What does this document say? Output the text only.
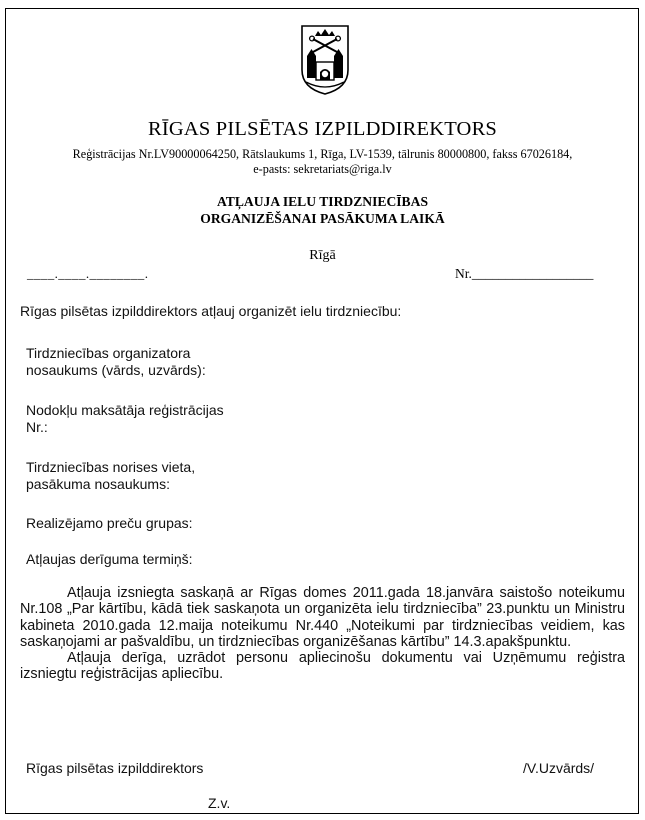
RĪGAS PILSĒTAS IZPILDDIREKTORS
Reģistrācijas Nr.LV90000064250, Rātslaukums 1, Rīga, LV-1539, tālrunis 80000800, fakss 67026184,
e-pasts: sekretariats@riga.lv
ATĻAUJA IELU TIRDZNIECĪBAS
ORGANIZĒŠANAI PASĀKUMA LAIKĀ
Rīgā
____.____.________.	Nr.__________________
Rīgas pilsētas izpilddirektors atļauj organizēt ielu tirdzniecību:
Tirdzniecības organizatora
nosaukums (vārds, uzvārds):
Nodokļu maksātāja reģistrācijas
Nr.:
Tirdzniecības norises vieta,
pasākuma nosaukums:
Realizējamo preču grupas:
Atļaujas derīguma termiņš:

Atļauja izsniegta saskaņā ar Rīgas domes 2011.gada 18.janvāra saistošo noteikumu Nr.108 „Par kārtību, kādā tiek saskaņota un organizēta ielu tirdzniecība” 23.punktu un Ministru kabineta 2010.gada 12.maija noteikumu Nr.440 „Noteikumi par tirdzniecības veidiem, kas saskaņojami ar pašvaldību, un tirdzniecības organizēšanas kārtību” 14.3.apakšpunktu.

Atļauja derīga, uzrādot personu apliecinošu dokumentu vai Uzņēmumu reģistra izsniegtu reģistrācijas apliecību.

Rīgas pilsētas izpilddirektors	/V.Uzvārds/
Z.v.
